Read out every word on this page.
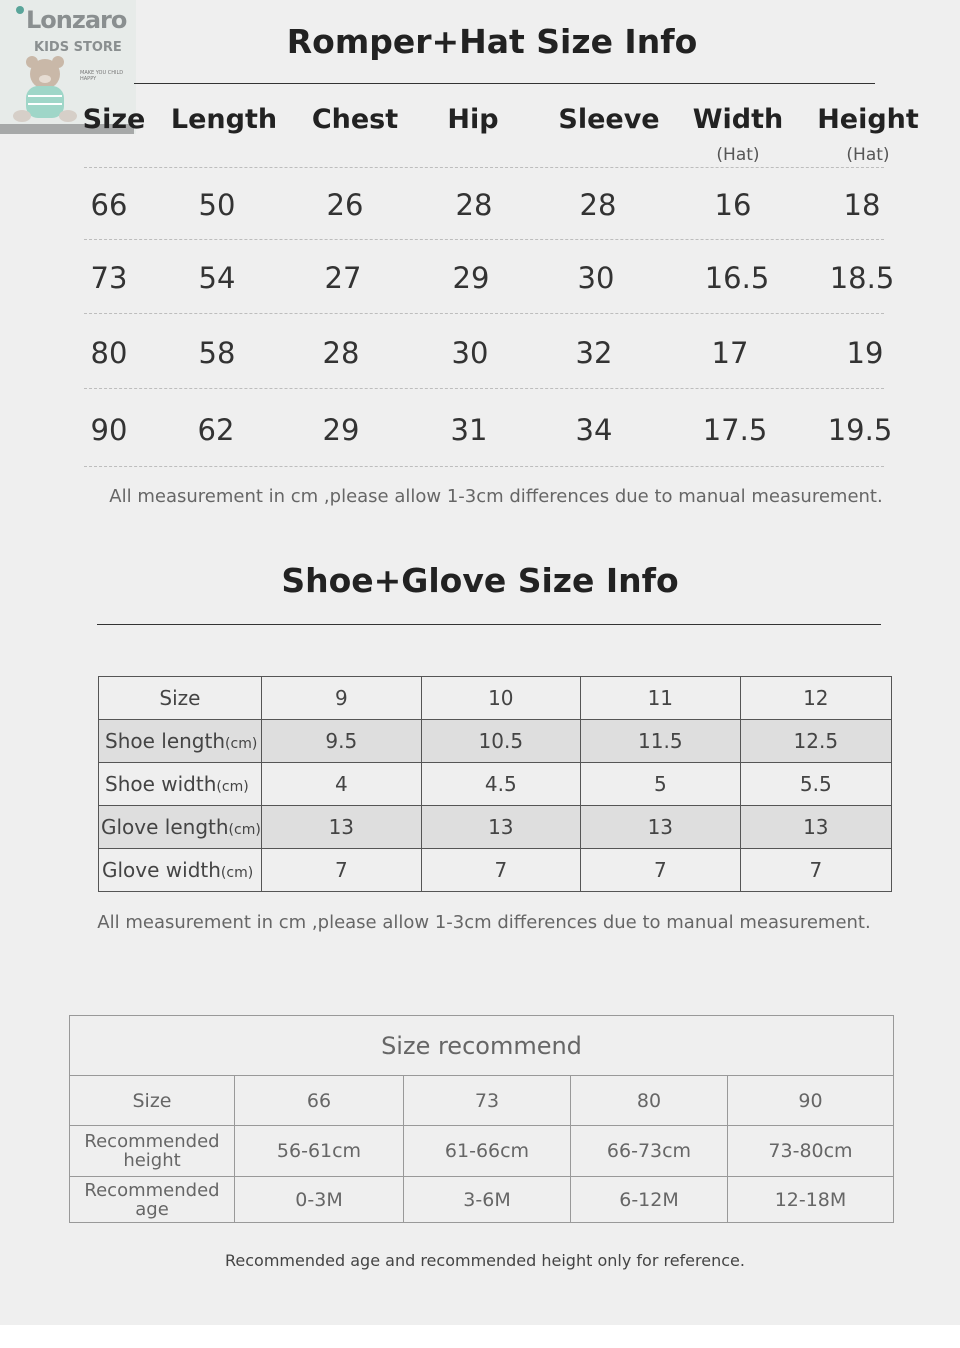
Lonzaro
KIDS STORE
MAKE YOU CHILD HAPPY
Romper+Hat Size Info
Size Length Chest Hip Sleeve Width Height
(Hat)	(Hat)
66 50	26	28	28	16	18
73 54	27	29	30	16.5 18.5
80 58	28	30	32	17	19
90 62	29	31	34	17.5 19.5
All measurement in cm ,please allow 1-3cm differences due to manual measurement.
Shoe+Glove Size Info
Size	9	10	11	12
Shoe length(cm)	9.5	10.5	11.5	12.5
Shoe width(cm)	4	4.5	5	5.5
Glove length(cm)	13	13	13	13
Glove width(cm)	7	7	7	7
All measurement in cm ,please allow 1-3cm differences due to manual measurement.
Size recommend				
Size	66	73	80	90

Recommended
height	56-61cm	61-66cm	66-73cm	73-80cm

Recommended
age	0-3M	3-6M	6-12M	12-18M
Recommended age and recommended height only for reference.
